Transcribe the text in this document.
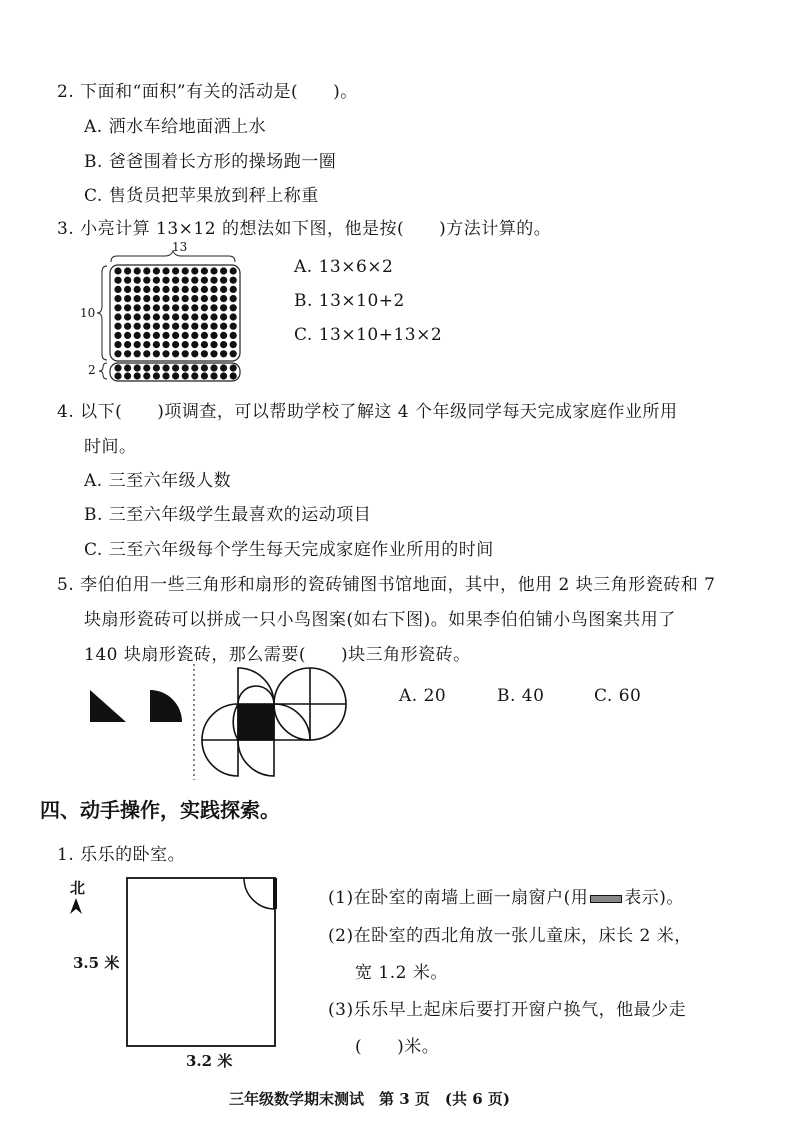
2. 下面和“面积”有关的活动是(　　)。
A. 洒水车给地面洒上水
B. 爸爸围着长方形的操场跑一圈
C. 售货员把苹果放到秤上称重
3. 小亮计算 13×12 的想法如下图，他是按(　　)方法计算的。
13
10
2
A. 13×6×2
B. 13×10+2
C. 13×10+13×2
4. 以下(　　)项调查，可以帮助学校了解这 4 个年级同学每天完成家庭作业所用
时间。
A. 三至六年级人数
B. 三至六年级学生最喜欢的运动项目
C. 三至六年级每个学生每天完成家庭作业所用的时间
5. 李伯伯用一些三角形和扇形的瓷砖铺图书馆地面，其中，他用 2 块三角形瓷砖和 7
块扇形瓷砖可以拼成一只小鸟图案(如右下图)。如果李伯伯铺小鸟图案共用了
140 块扇形瓷砖，那么需要(　　)块三角形瓷砖。
A. 20	B. 40	C. 60
四、动手操作，实践探索。
1. 乐乐的卧室。
北
3.5 米
3.2 米
(1)在卧室的南墙上画一扇窗户(用 表示)。
(2)在卧室的西北角放一张儿童床，床长 2 米，
宽 1.2 米。
(3)乐乐早上起床后要打开窗户换气，他最少走
(　　)米。
三年级数学期末测试　第 3 页　(共 6 页)
